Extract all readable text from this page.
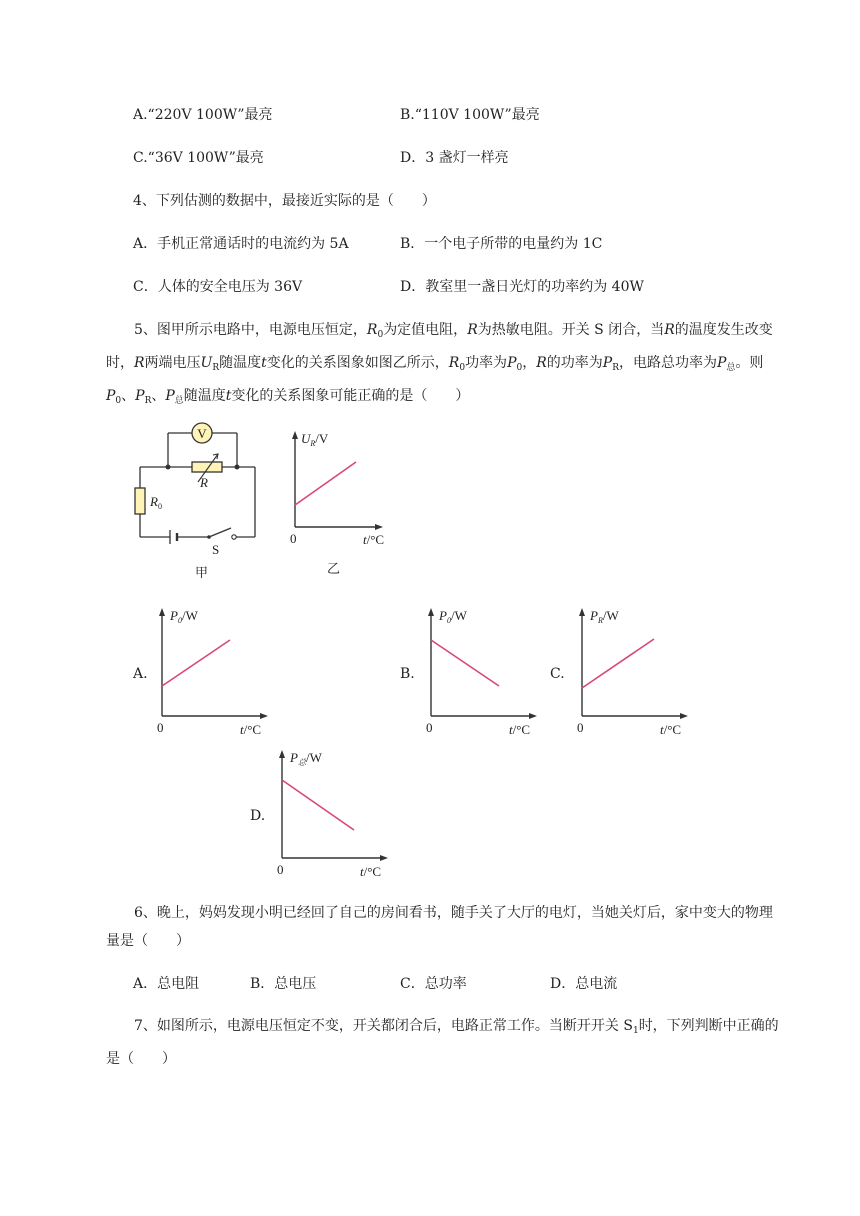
A.“220V 100W”最亮	B.“110V 100W”最亮
C.“36V 100W”最亮	D．3 盏灯一样亮
4、下列估测的数据中，最接近实际的是（　　）
A．手机正常通话时的电流约为 5A	B．一个电子所带的电量约为 1C
C．人体的安全电压为 36V	D．教室里一盏日光灯的功率约为 40W
5、图甲所示电路中，电源电压恒定，$R_0$为定值电阻，R为热敏电阻。开关 S 闭合，当R的温度发生改变时，R两端电压$U_R$随温度t变化的关系图象如图乙所示，$R_0$功率为$P_0$，R的功率为$P_R$，电路总功率为$P_总$。则$P_0$、$P_R$、$P_总$随温度t变化的关系图象可能正确的是（　　）
V
R
$R_0$
S
甲
$U_R/V$
0	t/°C
乙
A.
$P_0/W$
0	t/°C
B.
$P_0/W$
0	t/°C
C.
$P_R/W$
0	t/°C
D.
$P_总/W$
0	t/°C
6、晚上，妈妈发现小明已经回了自己的房间看书，随手关了大厅的电灯，当她关灯后，家中变大的物理量是（　　）
A．总电阻	B．总电压	C．总功率	D．总电流
7、如图所示，电源电压恒定不变，开关都闭合后，电路正常工作。当断开开关 $S_1$时，下列判断中正确的是（　　）
